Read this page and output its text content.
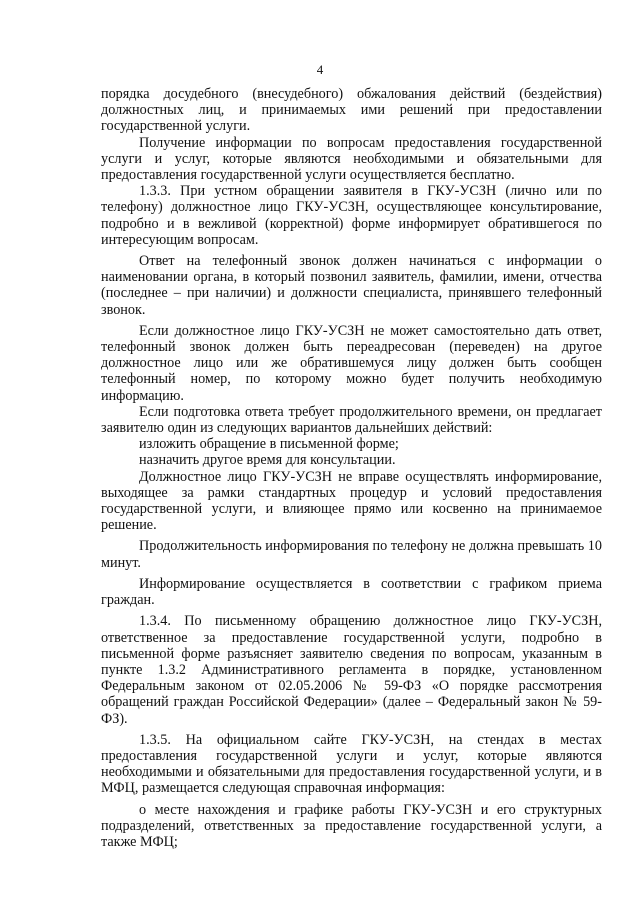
4

порядка досудебного (внесудебного) обжалования действий (бездействия) должностных лиц, и принимаемых ими решений при предоставлении государственной услуги.

Получение информации по вопросам предоставления государственной услуги и услуг, которые являются необходимыми и обязательными для предоставления государственной услуги осуществляется бесплатно.

1.3.3. При устном обращении заявителя в ГКУ-УСЗН (лично или по телефону) должностное лицо ГКУ-УСЗН, осуществляющее консультирование, подробно и в вежливой (корректной) форме информирует обратившегося по интересующим вопросам.

Ответ на телефонный звонок должен начинаться с информации о наименовании органа, в который позвонил заявитель, фамилии, имени, отчества (последнее – при наличии) и должности специалиста, принявшего телефонный звонок.

Если должностное лицо ГКУ-УСЗН не может самостоятельно дать ответ, телефонный звонок должен быть переадресован (переведен) на другое должностное лицо или же обратившемуся лицу должен быть сообщен телефонный номер, по которому можно будет получить необходимую информацию.

Если подготовка ответа требует продолжительного времени, он предлагает заявителю один из следующих вариантов дальнейших действий:

изложить обращение в письменной форме;

назначить другое время для консультации.

Должностное лицо ГКУ-УСЗН не вправе осуществлять информирование, выходящее за рамки стандартных процедур и условий предоставления государственной услуги, и влияющее прямо или косвенно на принимаемое решение.

Продолжительность информирования по телефону не должна превышать 10 минут.

Информирование осуществляется в соответствии с графиком приема граждан.

1.3.4. По письменному обращению должностное лицо ГКУ-УСЗН, ответственное за предоставление государственной услуги, подробно в письменной форме разъясняет заявителю сведения по вопросам, указанным в пункте 1.3.2 Административного регламента в порядке, установленном Федеральным законом от 02.05.2006 № 59-ФЗ «О порядке рассмотрения обращений граждан Российской Федерации» (далее – Федеральный закон № 59-ФЗ).

1.3.5. На официальном сайте ГКУ-УСЗН, на стендах в местах предоставления государственной услуги и услуг, которые являются необходимыми и обязательными для предоставления государственной услуги, и в МФЦ, размещается следующая справочная информация:

о месте нахождения и графике работы ГКУ-УСЗН и его структурных подразделений, ответственных за предоставление государственной услуги, а также МФЦ;
